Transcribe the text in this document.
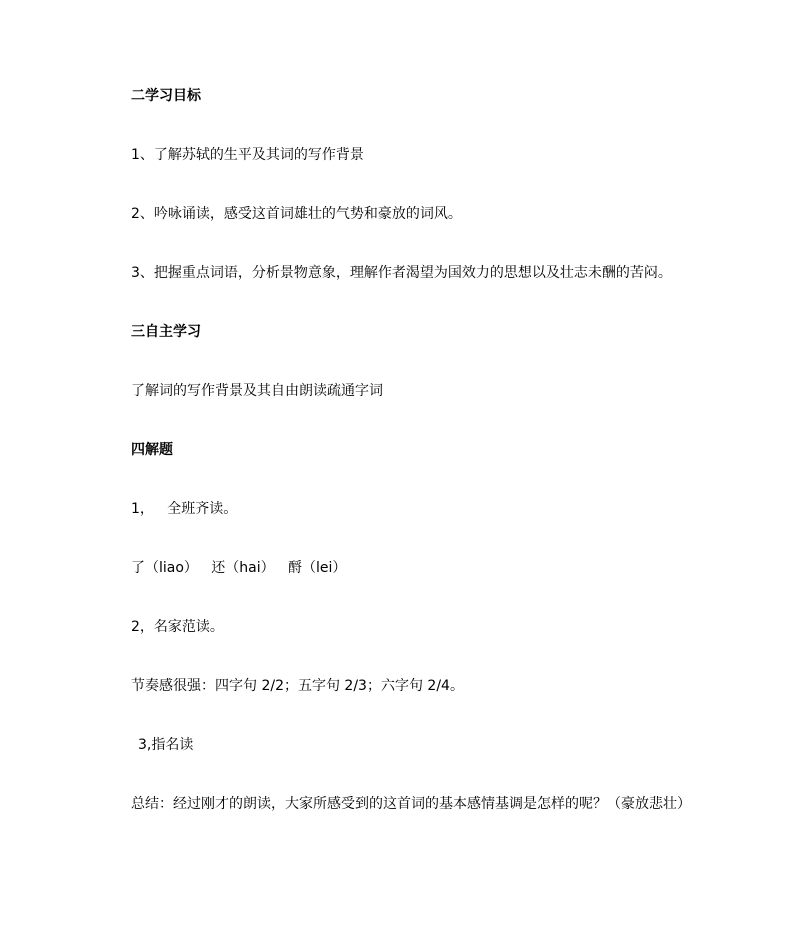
二学习目标
1、了解苏轼的生平及其词的写作背景
2、吟咏诵读，感受这首词雄壮的气势和豪放的词风。
3、把握重点词语，分析景物意象，理解作者渴望为国效力的思想以及壮志未酬的苦闷。
三自主学习
了解词的写作背景及其自由朗读疏通字词
四解题
1，   全班齐读。
了（liao）   还（hai）   酹（lei）
2，名家范读。
节奏感很强：四字句 2/2；五字句 2/3；六字句 2/4。
3,指名读
总结：经过刚才的朗读，大家所感受到的这首词的基本感情基调是怎样的呢？（豪放悲壮）
